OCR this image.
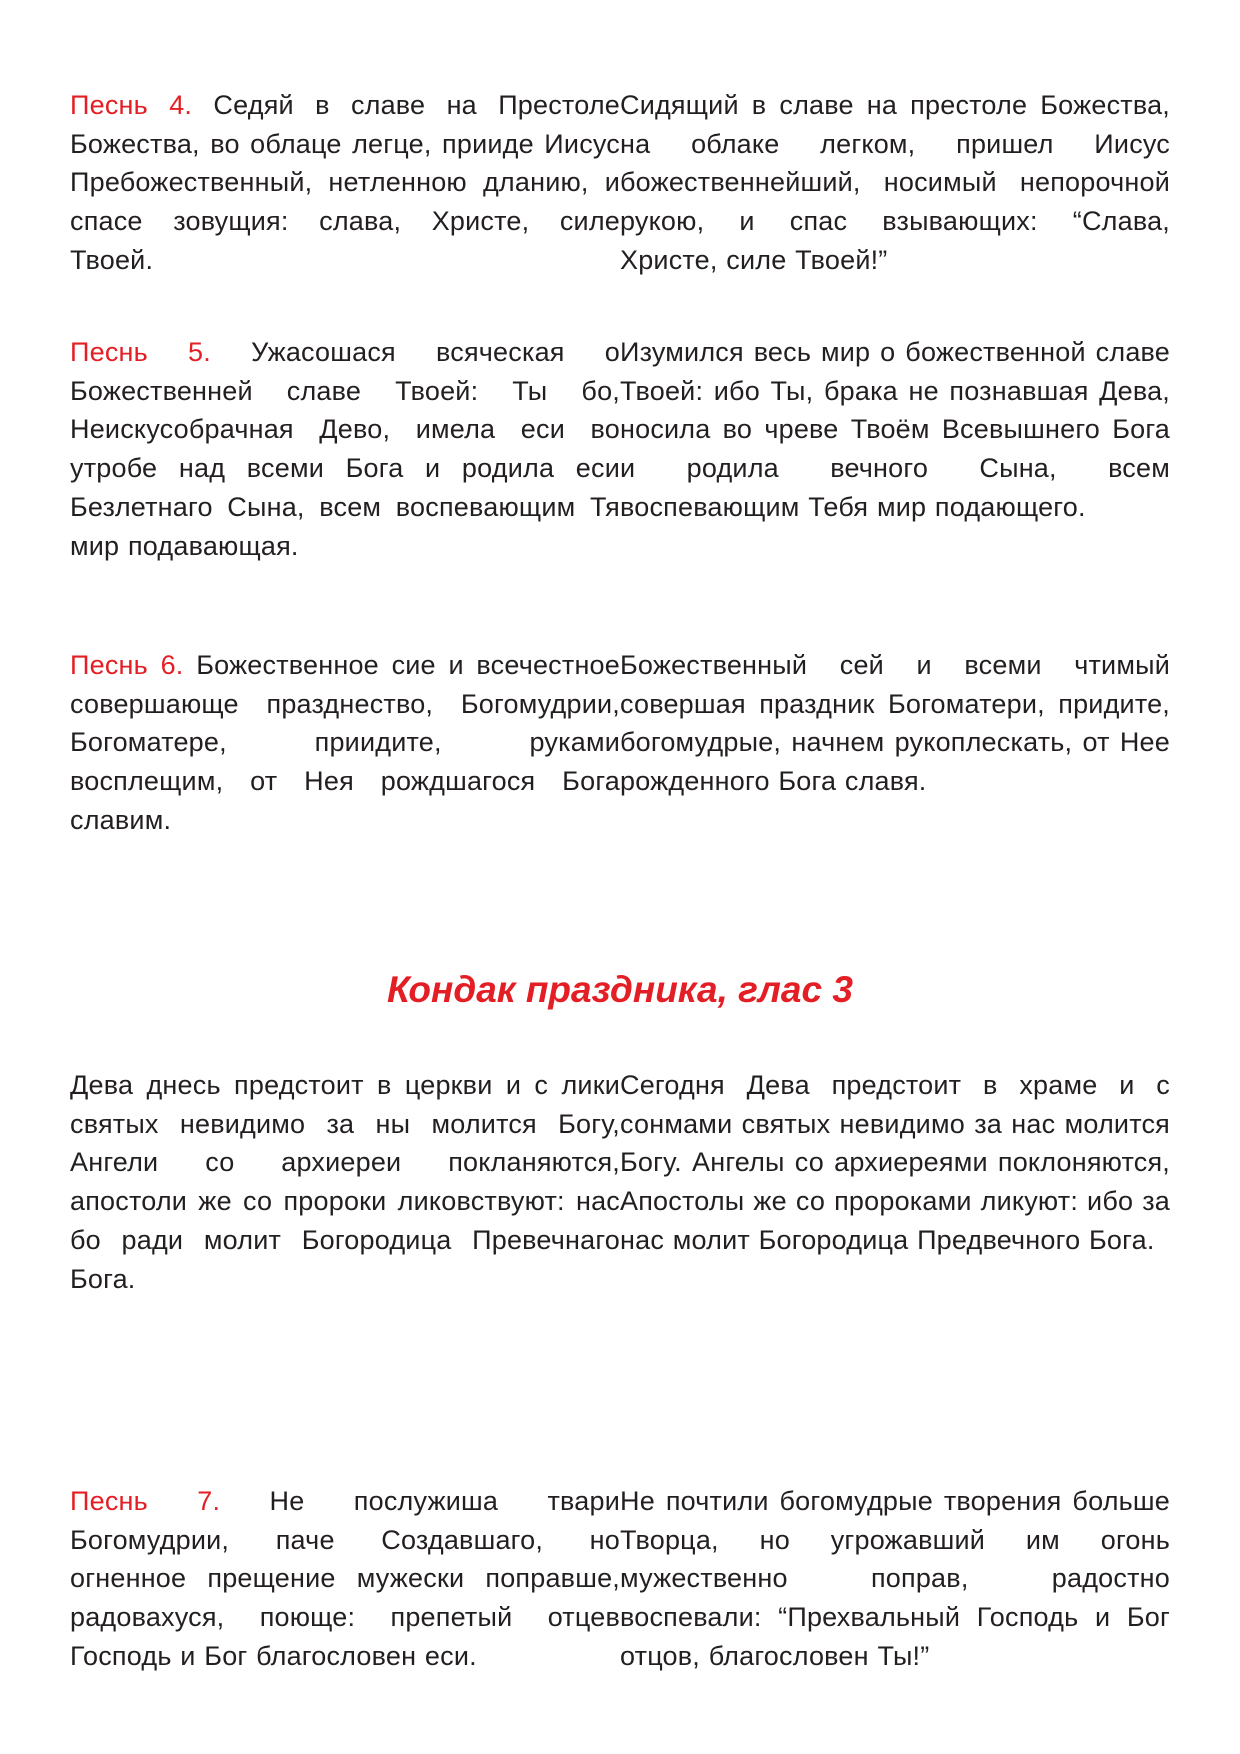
Песнь 4. Седяй в славе на Престоле Божества, во облаце легце, прииде Иисус Пребожественный, нетленною дланию, и спасе зовущия: слава, Христе, силе Твоей.
Сидящий в славе на престоле Божества, на облаке легком, пришел Иисус божественнейший, носимый непорочной рукою, и спас взывающих: “Слава, Христе, силе Твоей!”
Песнь 5. Ужасошася всяческая о Божественней славе Твоей: Ты бо, Неискусобрачная Дево, имела еси во утробе над всеми Бога и родила еси Безлетнаго Сына, всем воспевающим Тя мир подавающая.
Изумился весь мир о божественной славе Твоей: ибо Ты, брака не познавшая Дева, носила во чреве Твоём Всевышнего Бога и родила вечного Сына, всем воспевающим Тебя мир подающего.
Песнь 6. Божественное сие и всечестное совершающе празднество, Богомудрии, Богоматере, приидите, руками восплещим, от Нея рождшагося Бога славим.
Божественный сей и всеми чтимый совершая праздник Богоматери, придите, богомудрые, начнем рукоплескать, от Нее рожденного Бога славя.
Кондак праздника, глас 3
Дева днесь предстоит в церкви и с лики святых невидимо за ны молится Богу, Ангели со архиереи покланяются, апостоли же со пророки ликовствуют: нас бо ради молит Богородица Превечнаго Бога.
Сегодня Дева предстоит в храме и с сонмами святых невидимо за нас молится Богу. Ангелы со архиереями поклоняются, Апостолы же со пророками ликуют: ибо за нас молит Богородица Предвечного Бога.
Песнь 7. Не послужиша твари Богомудрии, паче Создавшаго, но огненное прещение мужески поправше, радовахуся, поюще: препетый отцев Господь и Бог благословен еси.
Не почтили богомудрые творения больше Творца, но угрожавший им огонь мужественно поправ, радостно воспевали: “Прехвальный Господь и Бог отцов, благословен Ты!”
